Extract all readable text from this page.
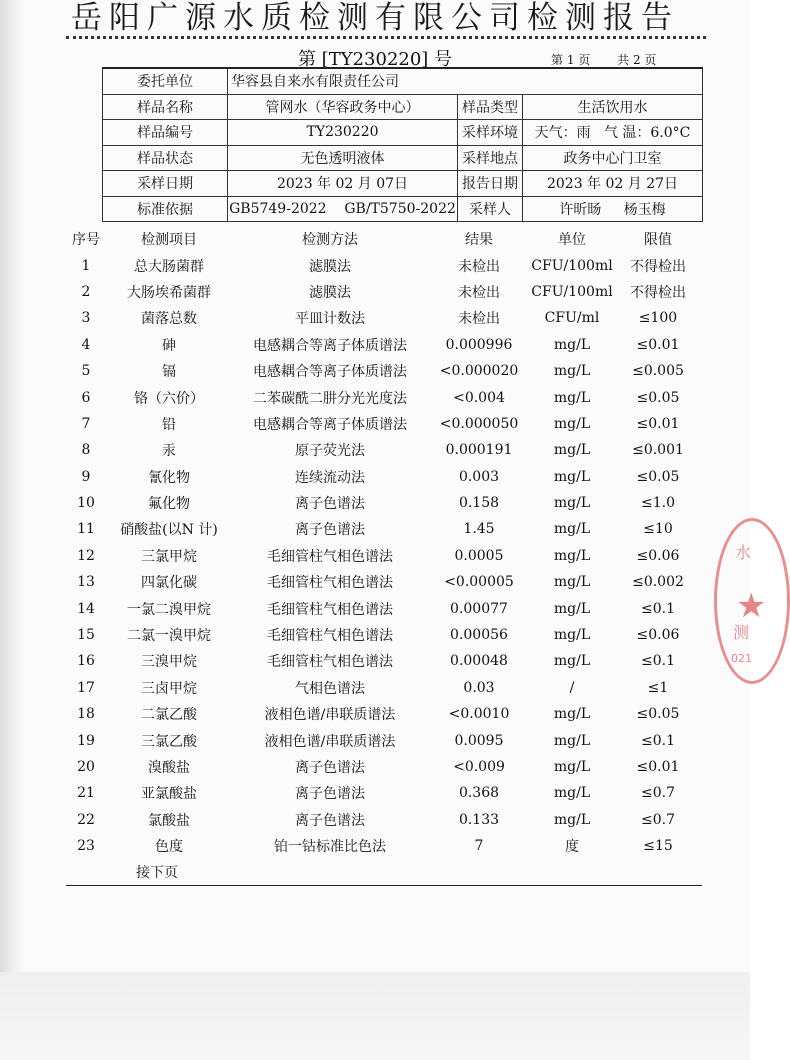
岳阳广源水质检测有限公司检测报告
第 [TY230220] 号	第 1 页 共 2 页
委托单位	华容县自来水有限责任公司		
样品名称	管网水（华容政务中心）	样品类型	生活饮用水
样品编号	TY230220	采样环境	天气：雨 气 温：6.0°C
样品状态	无色透明液体	采样地点	政务中心门卫室
采样日期	2023 年 02 月 07日	报告日期	2023 年 02 月 27日
标准依据	GB5749-2022    GB/T5750-2022	采样人	许昕旸 杨玉梅
序号	检测项目	检测方法	结果	单位	限值
1	总大肠菌群	滤膜法	未检出	CFU/100ml	不得检出
2	大肠埃希菌群	滤膜法	未检出	CFU/100ml	不得检出
3	菌落总数	平皿计数法	未检出	CFU/ml	≤100
4	砷	电感耦合等离子体质谱法	0.000996	mg/L	≤0.01
5	镉	电感耦合等离子体质谱法	<0.000020	mg/L	≤0.005
6	铬（六价）	二苯碳酰二肼分光光度法	<0.004	mg/L	≤0.05
7	铅	电感耦合等离子体质谱法	<0.000050	mg/L	≤0.01
8	汞	原子荧光法	0.000191	mg/L	≤0.001
9	氰化物	连续流动法	0.003	mg/L	≤0.05
10	氟化物	离子色谱法	0.158	mg/L	≤1.0
11	硝酸盐(以N 计)	离子色谱法	1.45	mg/L	≤10
12	三氯甲烷	毛细管柱气相色谱法	0.0005	mg/L	≤0.06
13	四氯化碳	毛细管柱气相色谱法	<0.00005	mg/L	≤0.002
14	一氯二溴甲烷	毛细管柱气相色谱法	0.00077	mg/L	≤0.1
15	二氯一溴甲烷	毛细管柱气相色谱法	0.00056	mg/L	≤0.06
16	三溴甲烷	毛细管柱气相色谱法	0.00048	mg/L	≤0.1
17	三卤甲烷	气相色谱法	0.03	/	≤1
18	二氯乙酸	液相色谱/串联质谱法	<0.0010	mg/L	≤0.05
19	三氯乙酸	液相色谱/串联质谱法	0.0095	mg/L	≤0.1
20	溴酸盐	离子色谱法	<0.009	mg/L	≤0.01
21	亚氯酸盐	离子色谱法	0.368	mg/L	≤0.7
22	氯酸盐	离子色谱法	0.133	mg/L	≤0.7
23	色度	铂一钴标准比色法	7	度	≤15
接下页
★
水
测
021
